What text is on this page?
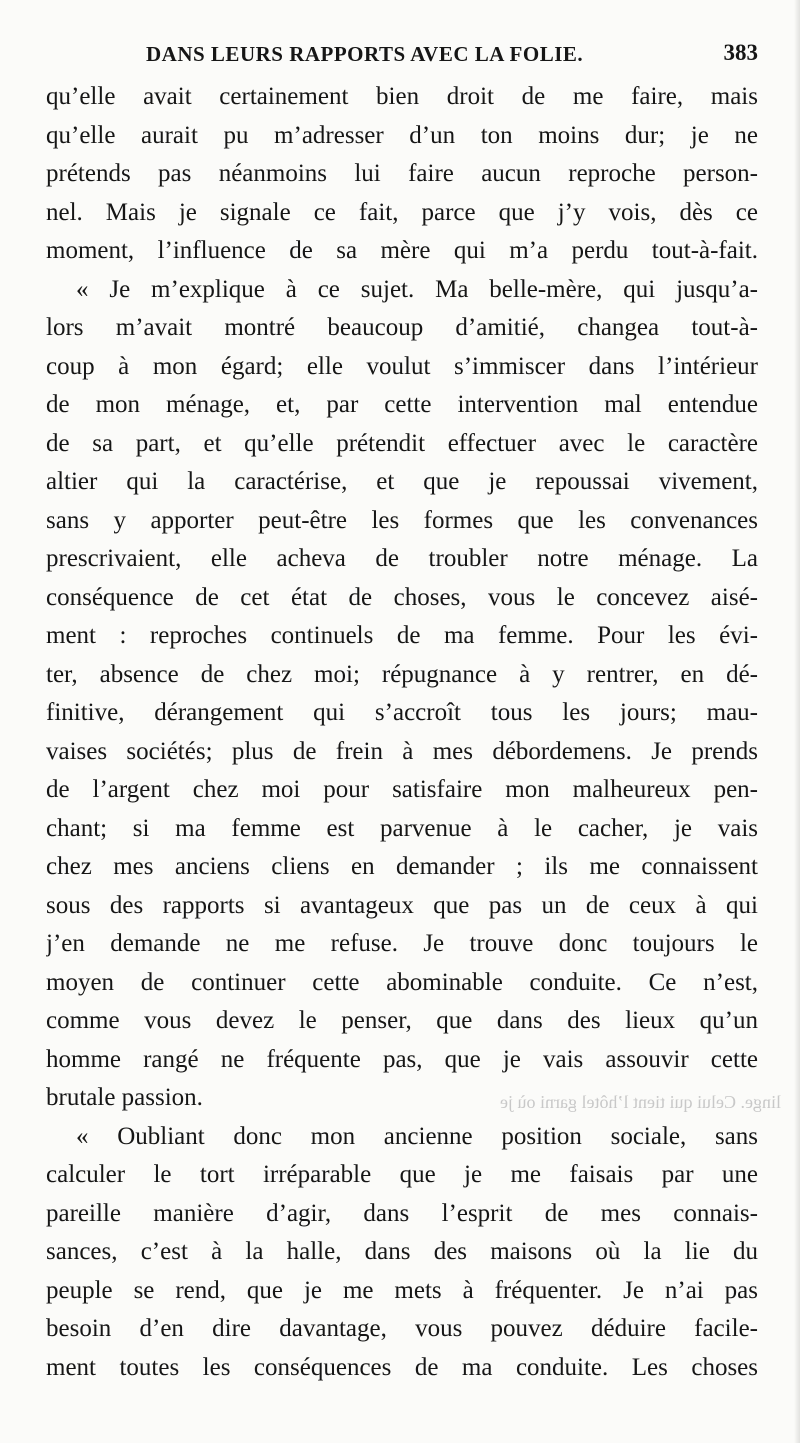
DANS LEURS RAPPORTS AVEC LA FOLIE.	383
qu’elle avait certainement bien droit de me faire, mais
qu’elle aurait pu m’adresser d’un ton moins dur; je ne
prétends pas néanmoins lui faire aucun reproche person-
nel. Mais je signale ce fait, parce que j’y vois, dès ce
moment, l’influence de sa mère qui m’a perdu tout-à-fait.
« Je m’explique à ce sujet. Ma belle-mère, qui jusqu’a-
lors m’avait montré beaucoup d’amitié, changea tout-à-
coup à mon égard; elle voulut s’immiscer dans l’intérieur
de mon ménage, et, par cette intervention mal entendue
de sa part, et qu’elle prétendit effectuer avec le caractère
altier qui la caractérise, et que je repoussai vivement,
sans y apporter peut-être les formes que les convenances
prescrivaient, elle acheva de troubler notre ménage. La
conséquence de cet état de choses, vous le concevez aisé-
ment : reproches continuels de ma femme. Pour les évi-
ter, absence de chez moi; répugnance à y rentrer, en dé-
finitive, dérangement qui s’accroît tous les jours; mau-
vaises sociétés; plus de frein à mes débordemens. Je prends
de l’argent chez moi pour satisfaire mon malheureux pen-
chant; si ma femme est parvenue à le cacher, je vais
chez mes anciens cliens en demander ; ils me connaissent
sous des rapports si avantageux que pas un de ceux à qui
j’en demande ne me refuse. Je trouve donc toujours le
moyen de continuer cette abominable conduite. Ce n’est,
comme vous devez le penser, que dans des lieux qu’un
homme rangé ne fréquente pas, que je vais assouvir cette
brutale passion.
« Oubliant donc mon ancienne position sociale, sans
calculer le tort irréparable que je me faisais par une
pareille manière d’agir, dans l’esprit de mes connais-
sances, c’est à la halle, dans des maisons où la lie du
peuple se rend, que je me mets à fréquenter. Je n’ai pas
besoin d’en dire davantage, vous pouvez déduire facile-
ment toutes les conséquences de ma conduite. Les choses
linge. Celui qui tient l’hôtel garni où je
